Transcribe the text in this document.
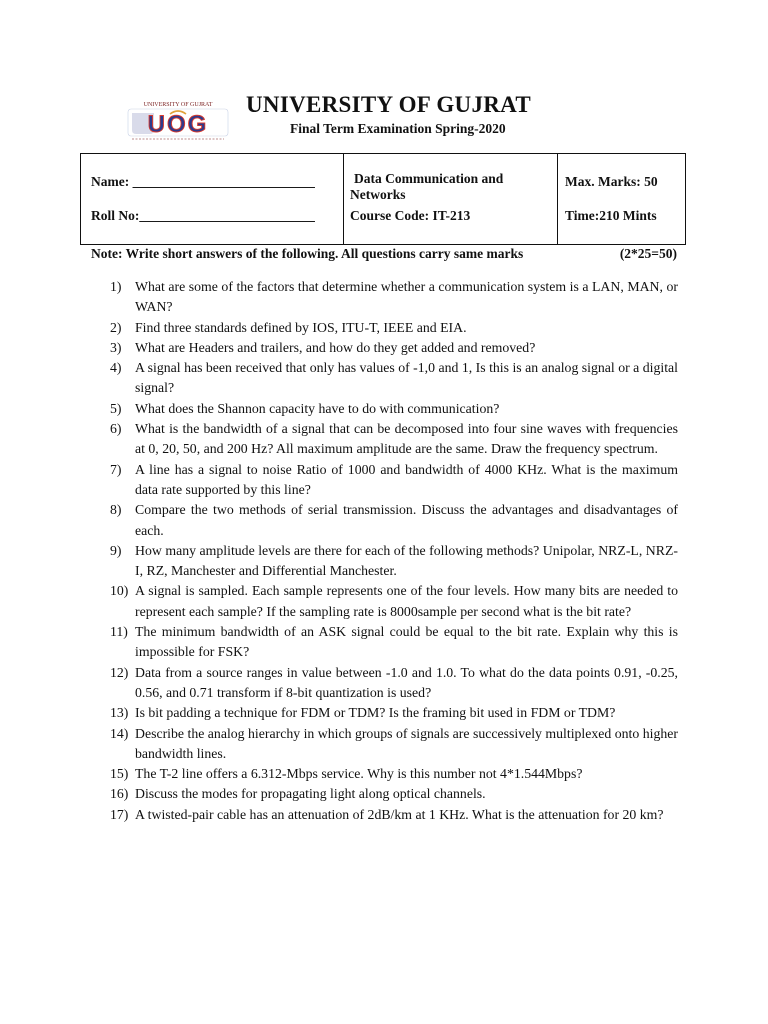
UNIVERSITY OF GUJRAT
UOG
UNIVERSITY OF GUJRAT
Final Term Examination Spring-2020
Name: ___________________________
Roll No:__________________________

Data Communication and
Networks
Course Code: IT-213

Max. Marks: 50
Time:210 Mints
Note: Write short answers of the following. All questions carry same marks	(2*25=50)
1) What are some of the factors that determine whether a communication system is a LAN, MAN, or WAN?
2) Find three standards defined by IOS, ITU-T, IEEE and EIA.
3) What are Headers and trailers, and how do they get added and removed?
4) A signal has been received that only has values of -1,0 and 1, Is this is an analog signal or a digital signal?
5) What does the Shannon capacity have to do with communication?
6) What is the bandwidth of a signal that can be decomposed into four sine waves with frequencies at 0, 20, 50, and 200 Hz? All maximum amplitude are the same. Draw the frequency spectrum.
7) A line has a signal to noise Ratio of 1000 and bandwidth of 4000 KHz. What is the maximum data rate supported by this line?
8) Compare the two methods of serial transmission. Discuss the advantages and disadvantages of each.
9) How many amplitude levels are there for each of the following methods? Unipolar, NRZ-L, NRZ-I, RZ, Manchester and Differential Manchester.
10) A signal is sampled. Each sample represents one of the four levels. How many bits are needed to represent each sample? If the sampling rate is 8000sample per second what is the bit rate?
11) The minimum bandwidth of an ASK signal could be equal to the bit rate. Explain why this is impossible for FSK?
12) Data from a source ranges in value between -1.0 and 1.0. To what do the data points 0.91, -0.25, 0.56, and 0.71 transform if 8-bit quantization is used?
13) Is bit padding a technique for FDM or TDM? Is the framing bit used in FDM or TDM?
14) Describe the analog hierarchy in which groups of signals are successively multiplexed onto higher bandwidth lines.
15) The T-2 line offers a 6.312-Mbps service. Why is this number not 4*1.544Mbps?
16) Discuss the modes for propagating light along optical channels.
17) A twisted-pair cable has an attenuation of 2dB/km at 1 KHz. What is the attenuation for 20 km?
